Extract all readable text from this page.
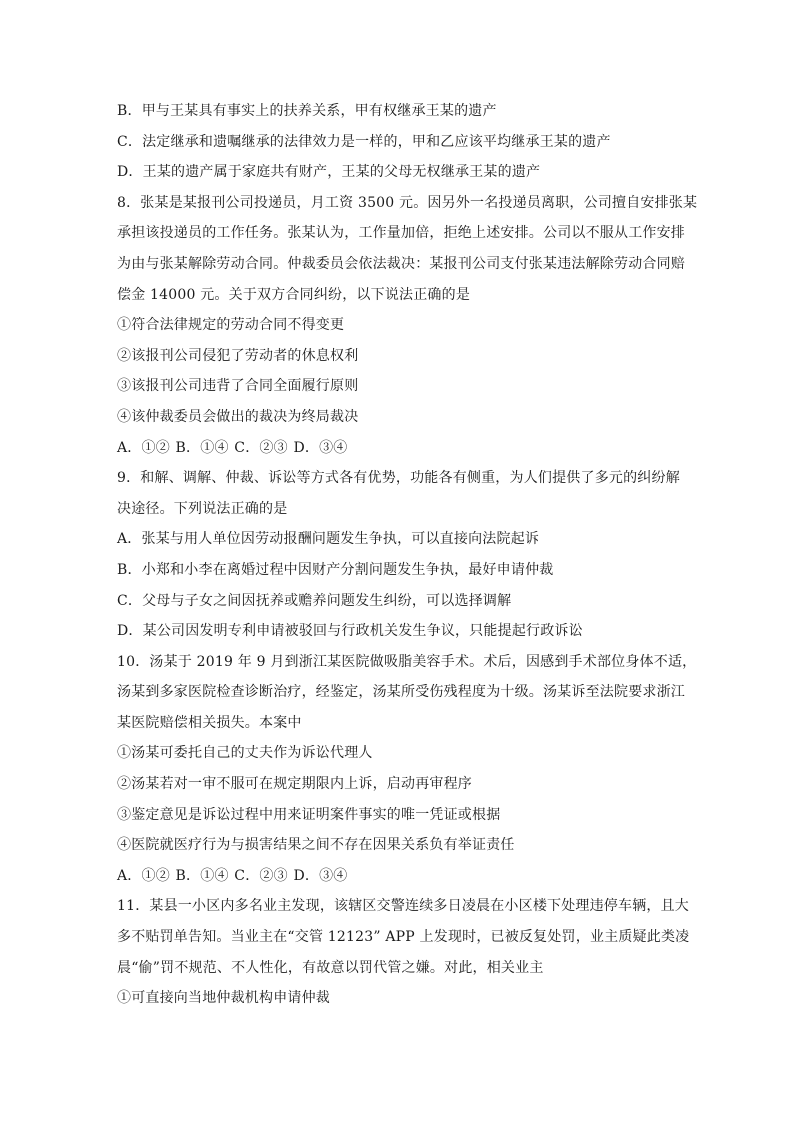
B．甲与王某具有事实上的扶养关系，甲有权继承王某的遗产
C．法定继承和遗嘱继承的法律效力是一样的，甲和乙应该平均继承王某的遗产
D．王某的遗产属于家庭共有财产，王某的父母无权继承王某的遗产
8．张某是某报刊公司投递员，月工资 3500 元。因另外一名投递员离职，公司擅自安排张某
承担该投递员的工作任务。张某认为，工作量加倍，拒绝上述安排。公司以不服从工作安排
为由与张某解除劳动合同。仲裁委员会依法裁决：某报刊公司支付张某违法解除劳动合同赔
偿金 14000 元。关于双方合同纠纷，以下说法正确的是
①符合法律规定的劳动合同不得变更
②该报刊公司侵犯了劳动者的休息权利
③该报刊公司违背了合同全面履行原则
④该仲裁委员会做出的裁决为终局裁决
A．①② B．①④ C．②③ D．③④
9．和解、调解、仲裁、诉讼等方式各有优势，功能各有侧重，为人们提供了多元的纠纷解
决途径。下列说法正确的是
A．张某与用人单位因劳动报酬问题发生争执，可以直接向法院起诉
B．小郑和小李在离婚过程中因财产分割问题发生争执，最好申请仲裁
C．父母与子女之间因抚养或赡养问题发生纠纷，可以选择调解
D．某公司因发明专利申请被驳回与行政机关发生争议，只能提起行政诉讼
10．汤某于 2019 年 9 月到浙江某医院做吸脂美容手术。术后，因感到手术部位身体不适，
汤某到多家医院检查诊断治疗，经鉴定，汤某所受伤残程度为十级。汤某诉至法院要求浙江
某医院赔偿相关损失。本案中
①汤某可委托自己的丈夫作为诉讼代理人
②汤某若对一审不服可在规定期限内上诉，启动再审程序
③鉴定意见是诉讼过程中用来证明案件事实的唯一凭证或根据
④医院就医疗行为与损害结果之间不存在因果关系负有举证责任
A．①② B．①④ C．②③ D．③④
11．某县一小区内多名业主发现，该辖区交警连续多日凌晨在小区楼下处理违停车辆，且大
多不贴罚单告知。当业主在“交管 12123” APP 上发现时，已被反复处罚，业主质疑此类凌
晨“偷”罚不规范、不人性化，有故意以罚代管之嫌。对此，相关业主
①可直接向当地仲裁机构申请仲裁
